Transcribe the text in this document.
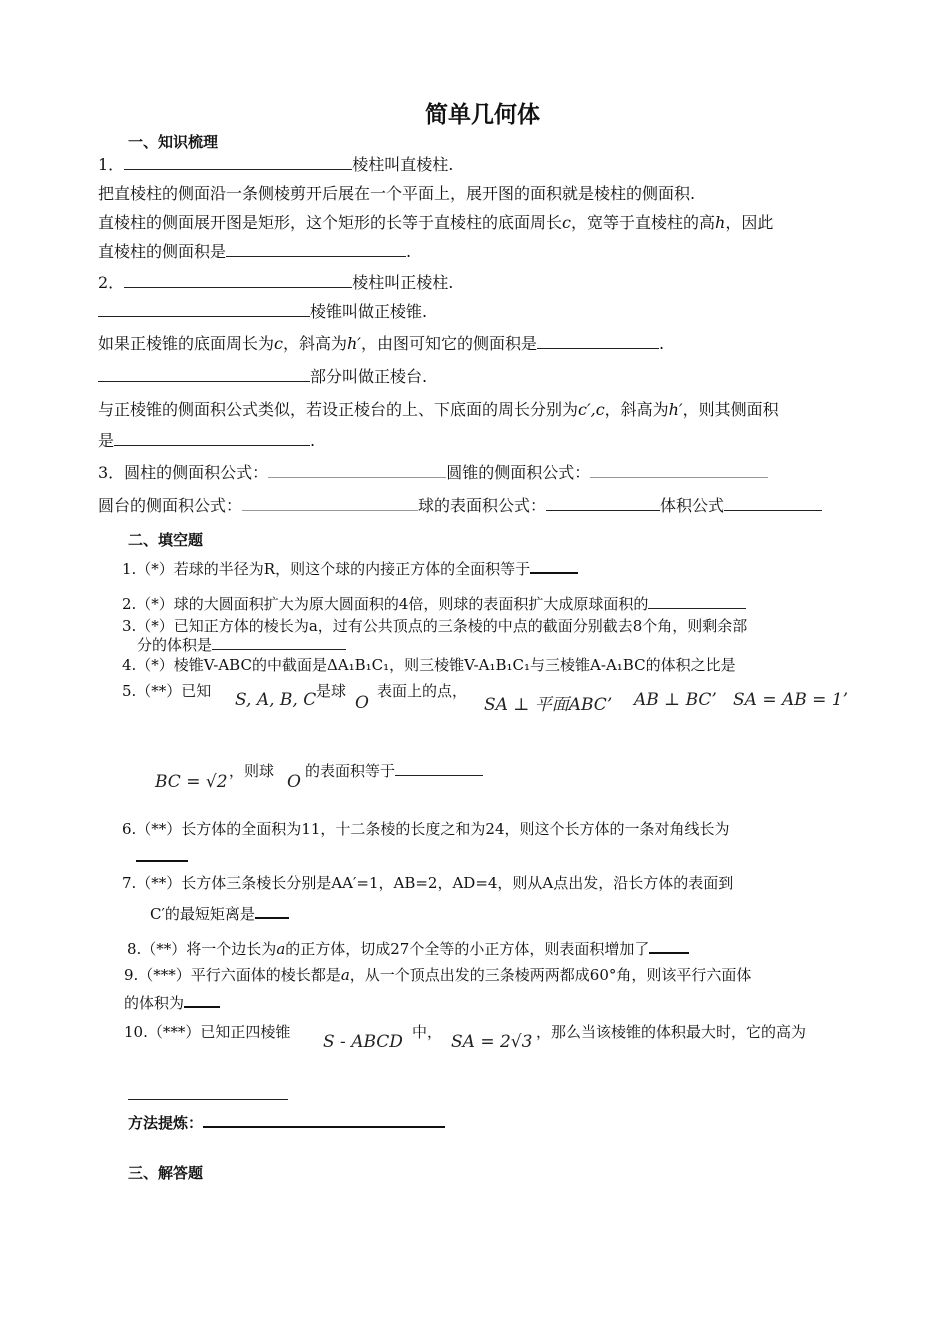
简单几何体
一、知识梳理
1．	棱柱叫直棱柱.
把直棱柱的侧面沿一条侧棱剪开后展在一个平面上，展开图的面积就是棱柱的侧面积.
直棱柱的侧面展开图是矩形，这个矩形的长等于直棱柱的底面周长c，宽等于直棱柱的高h，因此
直棱柱的侧面积是	.
2．	棱柱叫正棱柱.
棱锥叫做正棱锥.
如果正棱锥的底面周长为c，斜高为h′，由图可知它的侧面积是	.
部分叫做正棱台.
与正棱锥的侧面积公式类似，若设正棱台的上、下底面的周长分别为c′,c，斜高为h′，则其侧面积
是	.
3．圆柱的侧面积公式：	圆锥的侧面积公式：
圆台的侧面积公式：	球的表面积公式：	体积公式
二、填空题
1.（*）若球的半径为R，则这个球的内接正方体的全面积等于
2.（*）球的大圆面积扩大为原大圆面积的4倍，则球的表面积扩大成原球面积的
3.（*）已知正方体的棱长为a，过有公共顶点的三条棱的中点的截面分别截去8个角，则剩余部
分的体积是
4.（*）棱锥V-ABC的中截面是ΔA₁B₁C₁，则三棱锥V-A₁B₁C₁与三棱锥A-A₁BC的体积之比是
5.（**）已知 S, A, B, C 是球
O
表面上的点，
SA ⊥ 平面ABC’ AB ⊥ BC’ SA = AB = 1’
BC = √2
，则球
O
的表面积等于
6.（**）长方体的全面积为11，十二条棱的长度之和为24，则这个长方体的一条对角线长为
7.（**）长方体三条棱长分别是AA′=1，AB=2，AD=4，则从A点出发，沿长方体的表面到
C′的最短矩离是
8.（**）将一个边长为a的正方体，切成27个全等的小正方体，则表面积增加了
9.（***）平行六面体的棱长都是a，从一个顶点出发的三条棱两两都成60°角，则该平行六面体
的体积为
10.（***）已知正四棱锥 S - ABCD 中， SA = 2√3 ，那么当该棱锥的体积最大时，它的高为
方法提炼：
三、解答题
